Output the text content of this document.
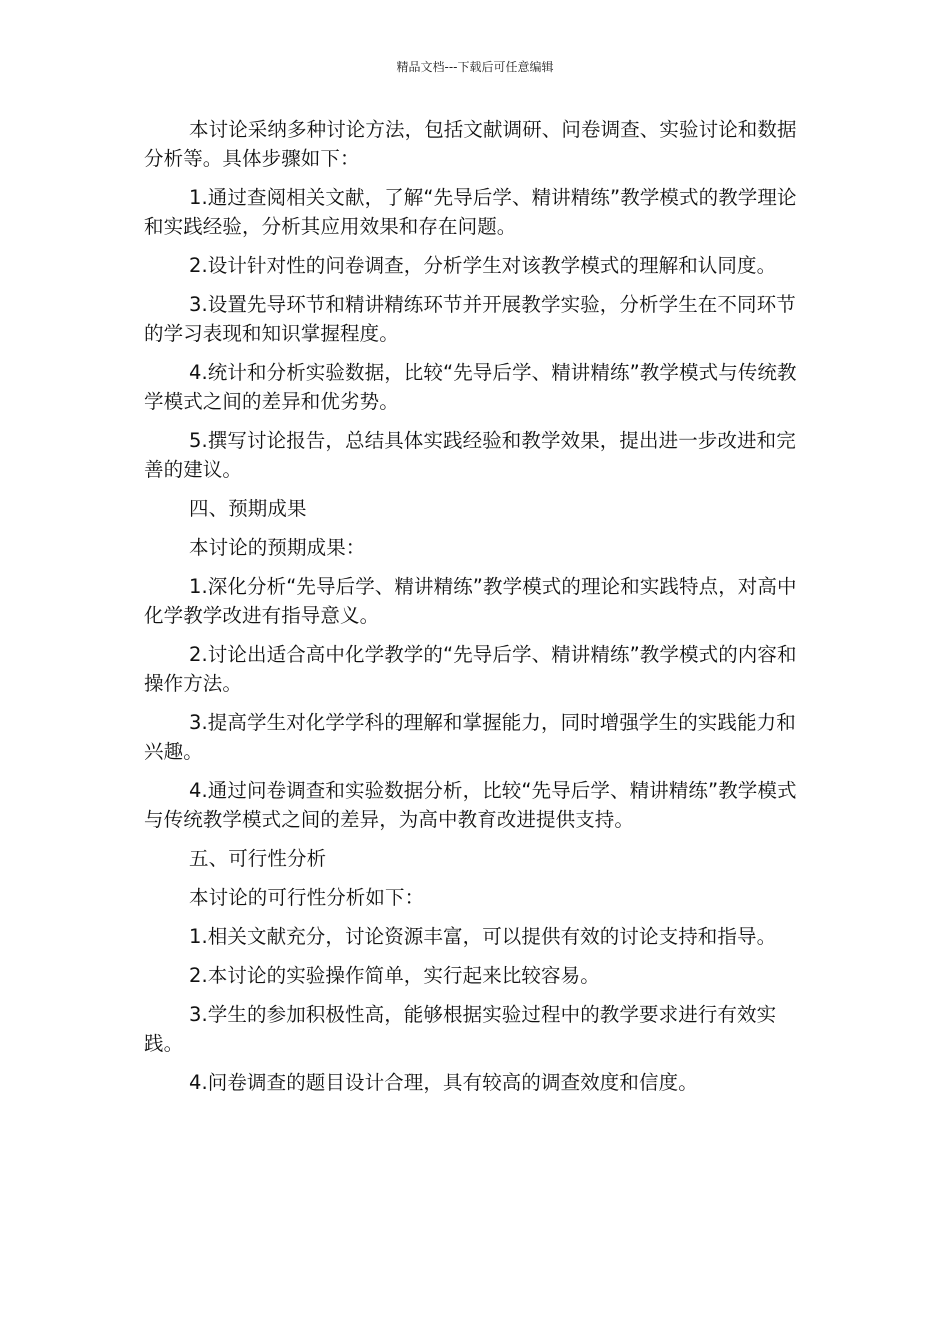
精品文档---下载后可任意编辑

本讨论采纳多种讨论方法，包括文献调研、问卷调查、实验讨论和数据分析等。具体步骤如下：

1.通过查阅相关文献，了解“先导后学、精讲精练”教学模式的教学理论和实践经验，分析其应用效果和存在问题。

2.设计针对性的问卷调查，分析学生对该教学模式的理解和认同度。

3.设置先导环节和精讲精练环节并开展教学实验，分析学生在不同环节的学习表现和知识掌握程度。

4.统计和分析实验数据，比较“先导后学、精讲精练”教学模式与传统教学模式之间的差异和优劣势。

5.撰写讨论报告，总结具体实践经验和教学效果，提出进一步改进和完善的建议。

四、预期成果

本讨论的预期成果：

1.深化分析“先导后学、精讲精练”教学模式的理论和实践特点，对高中化学教学改进有指导意义。

2.讨论出适合高中化学教学的“先导后学、精讲精练”教学模式的内容和操作方法。

3.提高学生对化学学科的理解和掌握能力，同时增强学生的实践能力和兴趣。

4.通过问卷调查和实验数据分析，比较“先导后学、精讲精练”教学模式与传统教学模式之间的差异，为高中教育改进提供支持。

五、可行性分析

本讨论的可行性分析如下：

1.相关文献充分，讨论资源丰富，可以提供有效的讨论支持和指导。

2.本讨论的实验操作简单，实行起来比较容易。

3.学生的参加积极性高，能够根据实验过程中的教学要求进行有效实践。

4.问卷调查的题目设计合理，具有较高的调查效度和信度。
